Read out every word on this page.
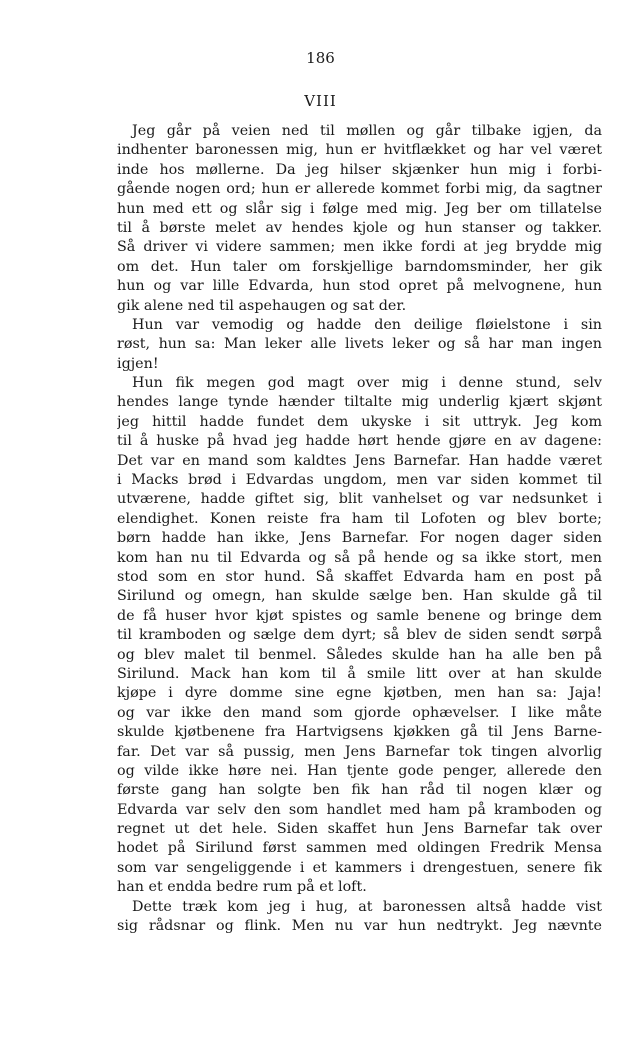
186
VIII
Jeg går på veien ned til møllen og går tilbake igjen, da
indhenter baronessen mig, hun er hvitflækket og har vel været
inde hos møllerne. Da jeg hilser skjænker hun mig i forbi-
gående nogen ord; hun er allerede kommet forbi mig, da sagtner
hun med ett og slår sig i følge med mig. Jeg ber om tillatelse
til å børste melet av hendes kjole og hun stanser og takker.
Så driver vi videre sammen; men ikke fordi at jeg brydde mig
om det. Hun taler om forskjellige barndomsminder, her gik
hun og var lille Edvarda, hun stod opret på melvognene, hun
gik alene ned til aspehaugen og sat der.
Hun var vemodig og hadde den deilige fløielstone i sin
røst, hun sa: Man leker alle livets leker og så har man ingen
igjen!
Hun fik megen god magt over mig i denne stund, selv
hendes lange tynde hænder tiltalte mig underlig kjært skjønt
jeg hittil hadde fundet dem ukyske i sit uttryk. Jeg kom
til å huske på hvad jeg hadde hørt hende gjøre en av dagene:
Det var en mand som kaldtes Jens Barnefar. Han hadde været
i Macks brød i Edvardas ungdom, men var siden kommet til
utværene, hadde giftet sig, blit vanhelset og var nedsunket i
elendighet. Konen reiste fra ham til Lofoten og blev borte;
børn hadde han ikke, Jens Barnefar. For nogen dager siden
kom han nu til Edvarda og så på hende og sa ikke stort, men
stod som en stor hund. Så skaffet Edvarda ham en post på
Sirilund og omegn, han skulde sælge ben. Han skulde gå til
de få huser hvor kjøt spistes og samle benene og bringe dem
til kramboden og sælge dem dyrt; så blev de siden sendt sørpå
og blev malet til benmel. Således skulde han ha alle ben på
Sirilund. Mack han kom til å smile litt over at han skulde
kjøpe i dyre domme sine egne kjøtben, men han sa: Jaja!
og var ikke den mand som gjorde ophævelser. I like måte
skulde kjøtbenene fra Hartvigsens kjøkken gå til Jens Barne-
far. Det var så pussig, men Jens Barnefar tok tingen alvorlig
og vilde ikke høre nei. Han tjente gode penger, allerede den
første gang han solgte ben fik han råd til nogen klær og
Edvarda var selv den som handlet med ham på kramboden og
regnet ut det hele. Siden skaffet hun Jens Barnefar tak over
hodet på Sirilund først sammen med oldingen Fredrik Mensa
som var sengeliggende i et kammers i drengestuen, senere fik
han et endda bedre rum på et loft.
Dette træk kom jeg i hug, at baronessen altså hadde vist
sig rådsnar og flink. Men nu var hun nedtrykt. Jeg nævnte
